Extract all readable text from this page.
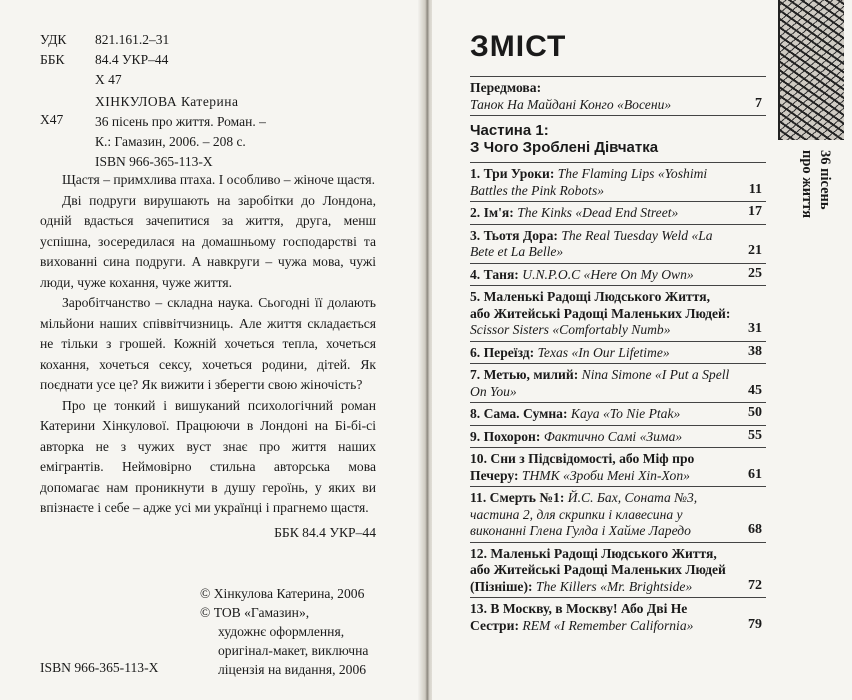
УДК 821.161.2–31
ББК 84.4 УКР–44
Х 47
Х47
ХІНКУЛОВА Катерина
36 пісень про життя. Роман. –
К.: Гамазин, 2006. – 208 с.
ISBN 966-365-113-Х

Щастя – примхлива птаха. І особливо – жіноче щастя.

Дві подруги вирушають на заробітки до Лондона, одній вдасться зачепитися за життя, друга, менш успішна, зосередилася на домашньому господарстві та вихованні сина подруги. А навкруги – чужа мова, чужі люди, чуже кохання, чуже життя.

Заробітчанство – складна наука. Сьогодні її долають мільйони наших співвітчизниць. Але життя складається не тільки з грошей. Кожній хочеться тепла, хочеться кохання, хочеться сексу, хочеться родини, дітей. Як поєднати усе це? Як вижити і зберегти свою жіночість?

Про це тонкий і вишуканий психологічний роман Катерини Хінкулової. Працюючи в Лондоні на Бі-бі-сі авторка не з чужих вуст знає про життя наших емігрантів. Неймовірно стильна авторська мова допомагає нам проникнути в душу героїнь, у яких ви впізнаєте і себе – адже усі ми українці і прагнемо щастя.

ББК 84.4 УКР–44

© Хінкулова Катерина, 2006
© ТОВ «Гамазин»,
художнє оформлення,
оригінал-макет, виключна
ліцензія на видання, 2006
ISBN 966-365-113-Х
ЗМІСТ
Передмова:
Танок На Майдані Конго «Восени»	7
Частина 1:
З Чого Зроблені Дівчатка
1. Три Уроки: The Flaming Lips «Yoshimi Battles the Pink Robots»	11
2. Ім'я: The Kinks «Dead End Street»	17
3. Тьотя Дора: The Real Tuesday Weld «La Bete et La Belle»	21
4. Таня: U.N.P.O.C «Here On My Own»	25
5. Маленькі Радощі Людського Життя, або Житейські Радощі Маленьких Людей: Scissor Sisters «Comfortably Numb»	31
6. Переїзд: Texas «In Our Lifetime»	38
7. Метью, милий: Nina Simone «I Put a Spell On You»	45
8. Сама. Сумна: Kaya «To Nie Ptak»	50
9. Похорон: Фактично Самі «Зима»	55
10. Сни з Підсвідомості, або Міф про Печеру: ТНМК «Зроби Мені Хіп-Хоп»	61
11. Смерть №1: Й.С. Бах, Соната №3, частина 2, для скрипки і клавесина у виконанні Глена Гулда і Хайме Ларедо	68
12. Маленькі Радощі Людського Життя, або Житейські Радощі Маленьких Людей (Пізніше): The Killers «Mr. Brightside»	72
13. В Москву, в Москву! Або Дві Не Сестри: REM «I Remember California»	79
36 пісень
про життя
